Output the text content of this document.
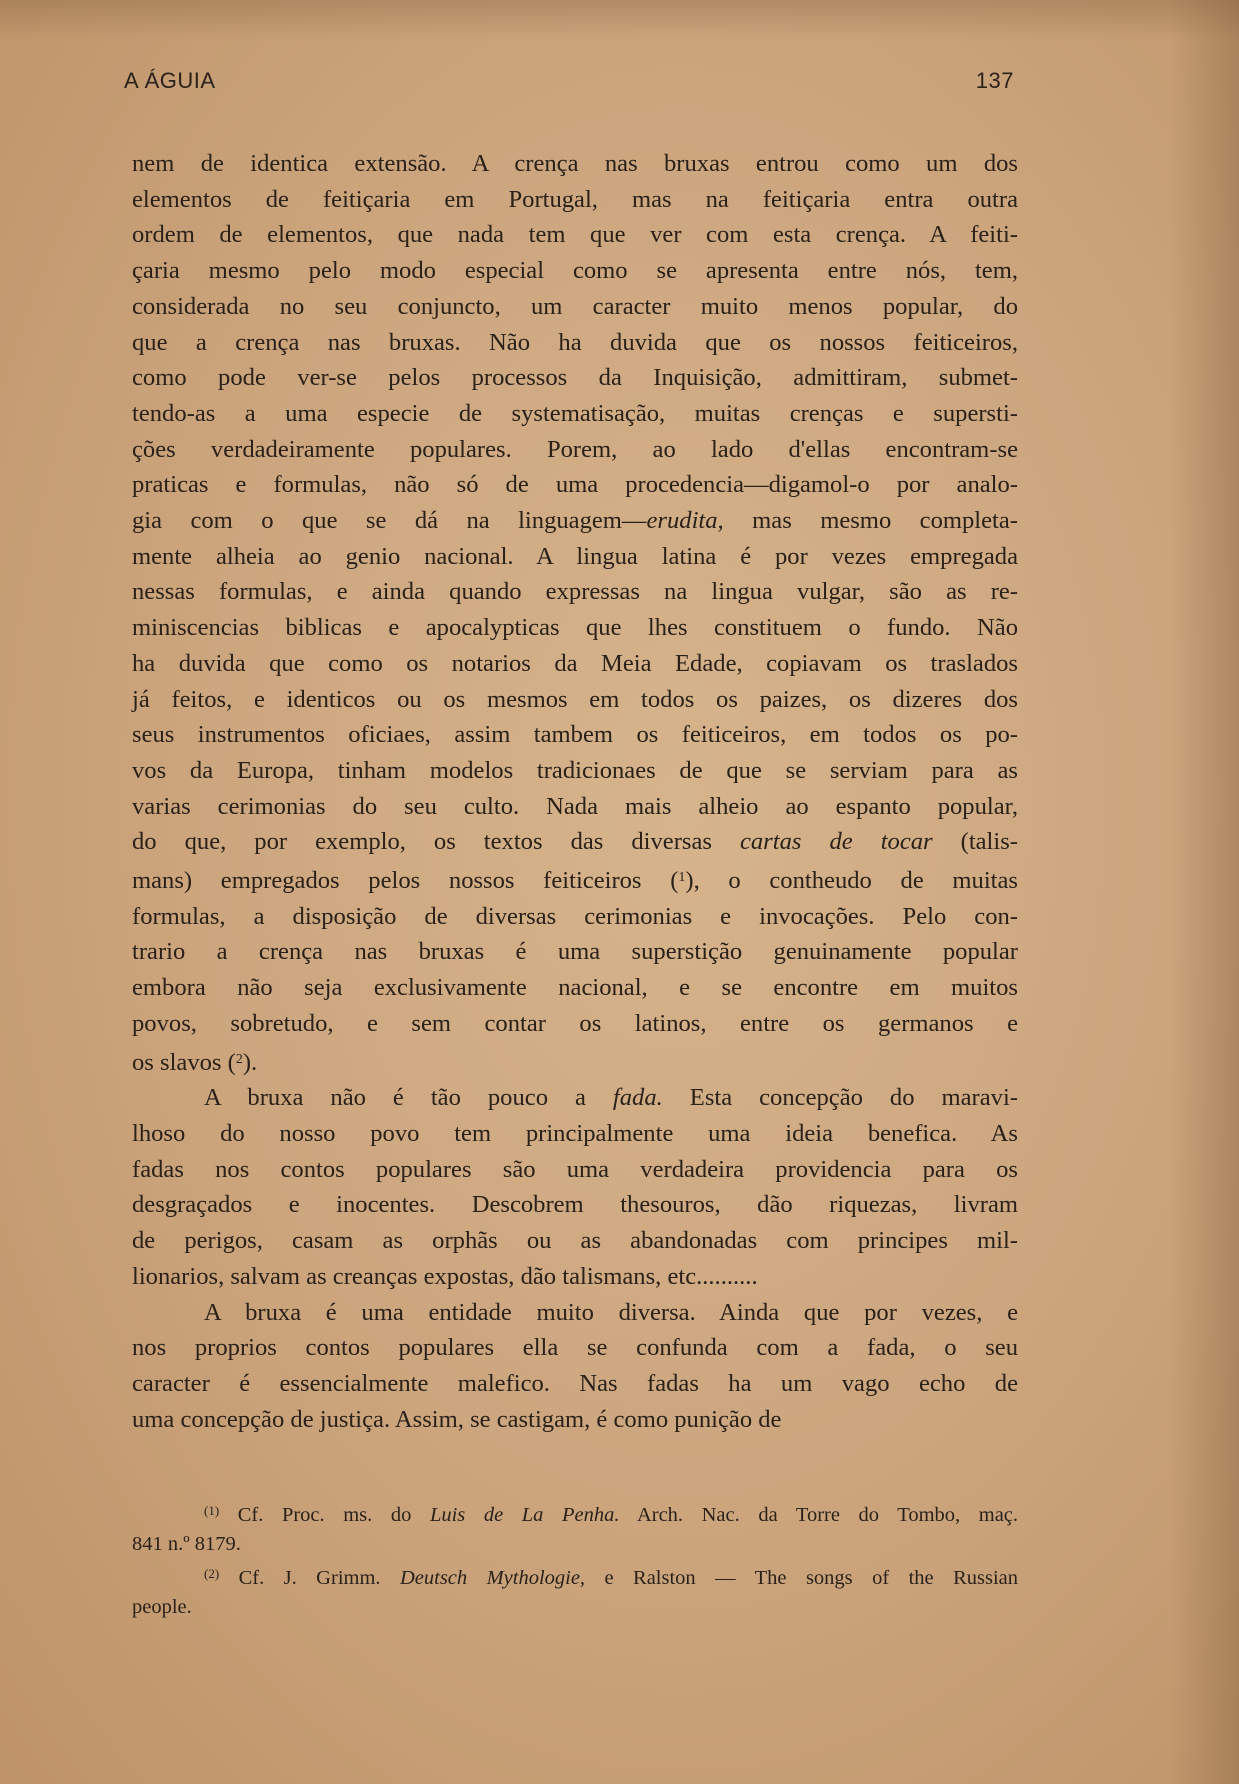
A ÁGUIA	137
nem de identica extensão. A crença nas bruxas entrou como um dos
elementos de feitiçaria em Portugal, mas na feitiçaria entra outra
ordem de elementos, que nada tem que ver com esta crença. A feiti-
çaria mesmo pelo modo especial como se apresenta entre nós, tem,
considerada no seu conjuncto, um caracter muito menos popular, do
que a crença nas bruxas. Não ha duvida que os nossos feiticeiros,
como pode ver-se pelos processos da Inquisição, admittiram, submet-
tendo-as a uma especie de systematisação, muitas crenças e supersti-
ções verdadeiramente populares. Porem, ao lado d'ellas encontram-se
praticas e formulas, não só de uma procedencia—digamol-o por analo-
gia com o que se dá na linguagem—erudita, mas mesmo completa-
mente alheia ao genio nacional. A lingua latina é por vezes empregada
nessas formulas, e ainda quando expressas na lingua vulgar, são as re-
miniscencias biblicas e apocalypticas que lhes constituem o fundo. Não
ha duvida que como os notarios da Meia Edade, copiavam os traslados
já feitos, e identicos ou os mesmos em todos os paizes, os dizeres dos
seus instrumentos oficiaes, assim tambem os feiticeiros, em todos os po-
vos da Europa, tinham modelos tradicionaes de que se serviam para as
varias cerimonias do seu culto. Nada mais alheio ao espanto popular,
do que, por exemplo, os textos das diversas cartas de tocar (talis-
mans) empregados pelos nossos feiticeiros ($^1$), o contheudo de muitas
formulas, a disposição de diversas cerimonias e invocações. Pelo con-
trario a crença nas bruxas é uma superstição genuinamente popular
embora não seja exclusivamente nacional, e se encontre em muitos
povos, sobretudo, e sem contar os latinos, entre os germanos e
os slavos ($^2$).
A bruxa não é tão pouco a fada. Esta concepção do maravi-
lhoso do nosso povo tem principalmente uma ideia benefica. As
fadas nos contos populares são uma verdadeira providencia para os
desgraçados e inocentes. Descobrem thesouros, dão riquezas, livram
de perigos, casam as orphãs ou as abandonadas com principes mil-
lionarios, salvam as creanças expostas, dão talismans, etc..........
A bruxa é uma entidade muito diversa. Ainda que por vezes, e
nos proprios contos populares ella se confunda com a fada, o seu
caracter é essencialmente malefico. Nas fadas ha um vago echo de
uma concepção de justiça. Assim, se castigam, é como punição de
$^{(1)}$ Cf. Proc. ms. do Luis de La Penha. Arch. Nac. da Torre do Tombo, maç.
841 n.º 8179.
$^{(2)}$ Cf. J. Grimm. Deutsch Mythologie, e Ralston — The songs of the Russian
people.
